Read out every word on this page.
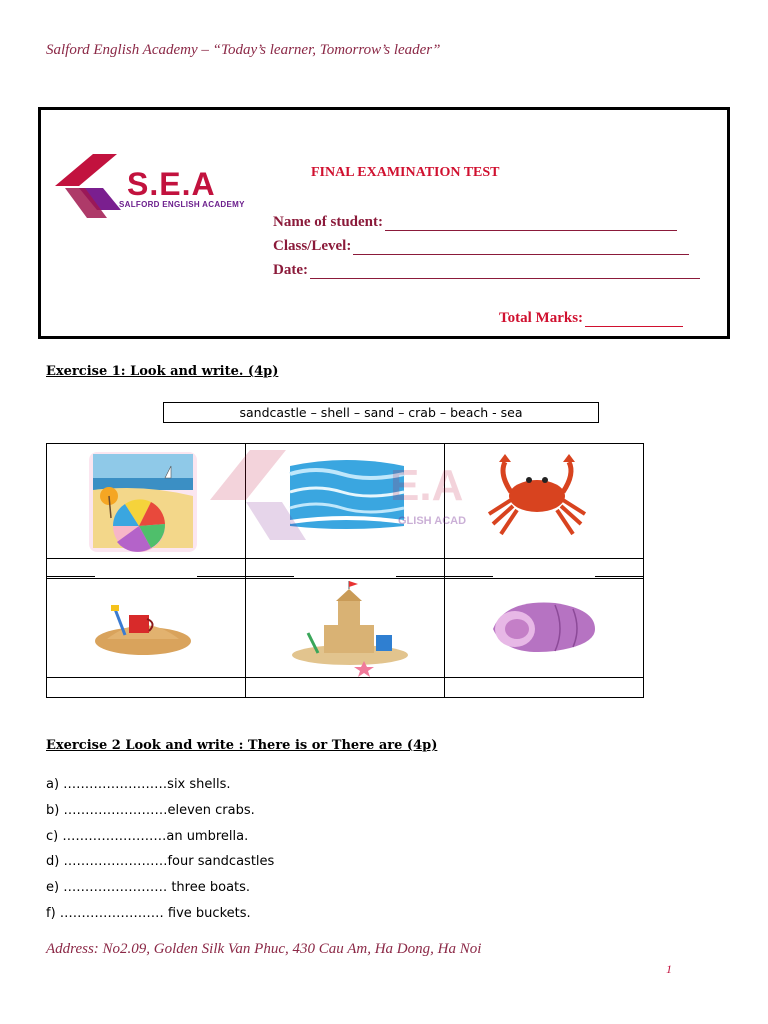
Salford English Academy – “Today’s learner, Tomorrow’s leader”
S.E.A
SALFORD ENGLISH ACADEMY
FINAL EXAMINATION TEST
Name of student:
Class/Level:
Date:
Total Marks:
Exercise 1: Look and write. (4p)
sandcastle – shell – sand – crab – beach - sea

E.A
GLISH ACAD
Exercise 2 Look and write : There is or There are (4p)
a) ……………………six shells.
b) ……………………eleven crabs.
c) ……………………an umbrella.
d) ……………………four sandcastles
e) …………………… three boats.
f) …………………… five buckets.
Address: No2.09, Golden Silk Van Phuc, 430 Cau Am, Ha Dong, Ha Noi
1
